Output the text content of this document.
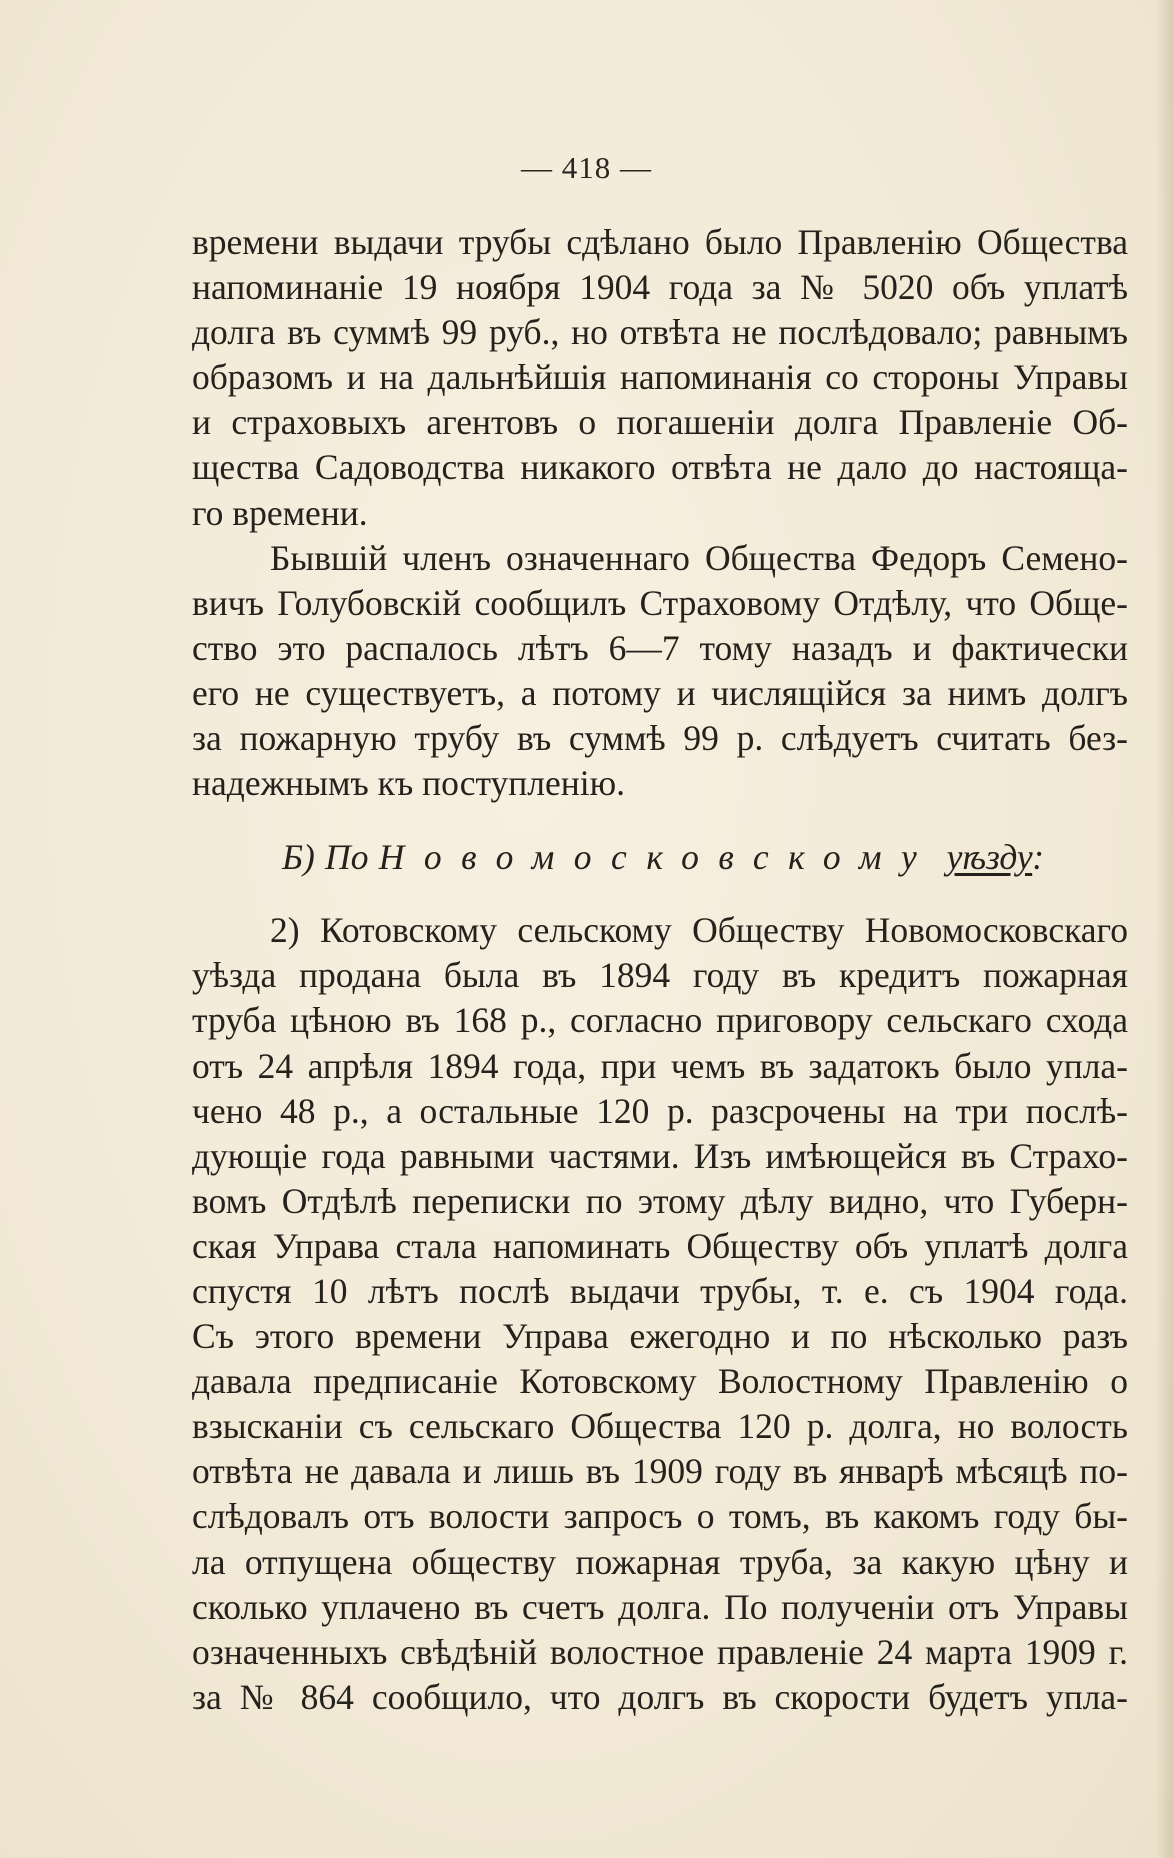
— 418 —
времени выдачи трубы сдѣлано было Правленію Общества
напоминаніе 19 ноября 1904 года за № 5020 объ уплатѣ
долга въ суммѣ 99 руб., но отвѣта не послѣдовало; равнымъ
образомъ и на дальнѣйшія напоминанія со стороны Управы
и страховыхъ агентовъ о погашеніи долга Правленіе Об-
щества Садоводства никакого отвѣта не дало до настояща-
го времени.
Бывшій членъ означеннаго Общества Федоръ Семено-
вичъ Голубовскій сообщилъ Страховому Отдѣлу, что Обще-
ство это распалось лѣтъ 6—7 тому назадъ и фактически
его не существуетъ, а потому и числящійся за нимъ долгъ
за пожарную трубу въ суммѣ 99 р. слѣдуетъ считать без-
надежнымъ къ поступленію.
Б) По Новомосковскому уѣзду:
2) Котовскому сельскому Обществу Новомосковскаго
уѣзда продана была въ 1894 году въ кредитъ пожарная
труба цѣною въ 168 р., согласно приговору сельскаго схода
отъ 24 апрѣля 1894 года, при чемъ въ задатокъ было упла-
чено 48 р., а остальные 120 р. разсрочены на три послѣ-
дующіе года равными частями. Изъ имѣющейся въ Страхо-
вомъ Отдѣлѣ переписки по этому дѣлу видно, что Губерн-
ская Управа стала напоминать Обществу объ уплатѣ долга
спустя 10 лѣтъ послѣ выдачи трубы, т. е. съ 1904 года.
Съ этого времени Управа ежегодно и по нѣсколько разъ
давала предписаніе Котовскому Волостному Правленію о
взысканіи съ сельскаго Общества 120 р. долга, но волость
отвѣта не давала и лишь въ 1909 году въ январѣ мѣсяцѣ по-
слѣдовалъ отъ волости запросъ о томъ, въ какомъ году бы-
ла отпущена обществу пожарная труба, за какую цѣну и
сколько уплачено въ счетъ долга. По полученіи отъ Управы
означенныхъ свѣдѣній волостное правленіе 24 марта 1909 г.
за № 864 сообщило, что долгъ въ скорости будетъ упла-
